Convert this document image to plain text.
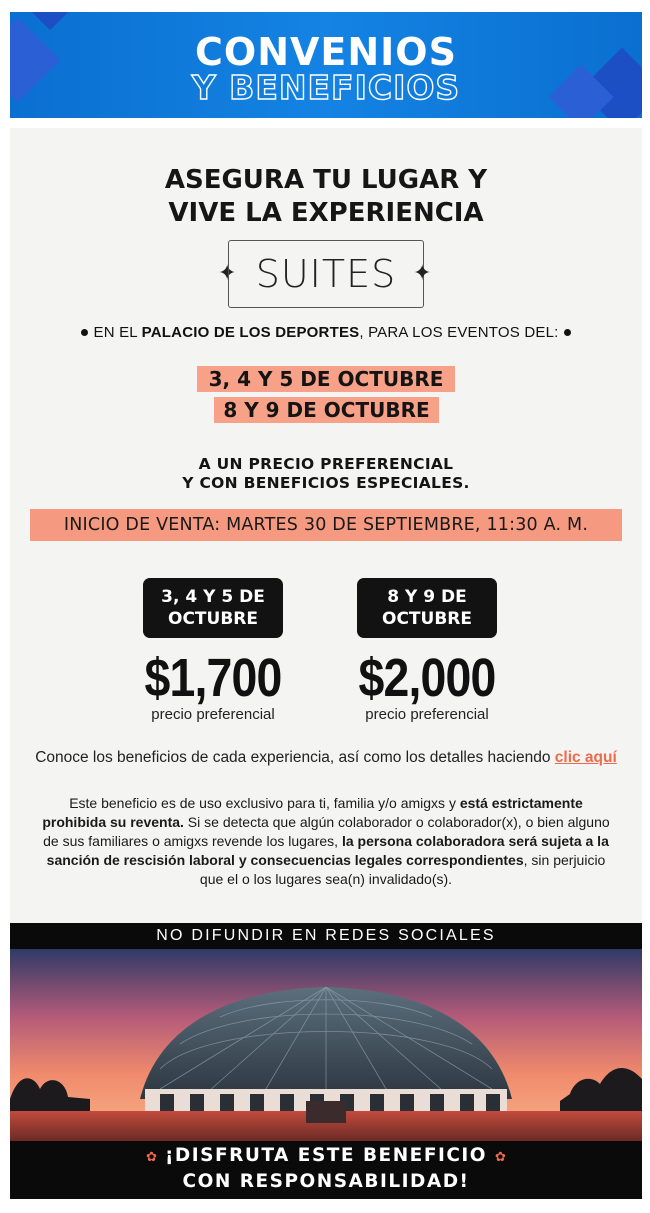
CONVENIOS
Y BENEFICIOS
ASEGURA TU LUGAR Y
VIVE LA EXPERIENCIA
✦ SUITES ✦
EN EL PALACIO DE LOS DEPORTES, PARA LOS EVENTOS DEL:
3, 4 Y 5 DE OCTUBRE
8 Y 9 DE OCTUBRE
A UN PRECIO PREFERENCIAL
Y CON BENEFICIOS ESPECIALES.
INICIO DE VENTA: MARTES 30 DE SEPTIEMBRE, 11:30 A. M.
3, 4 Y 5 DE
OCTUBRE
$1,700
precio preferencial
8 Y 9 DE
OCTUBRE
$2,000
precio preferencial
Conoce los beneficios de cada experiencia, así como los detalles haciendo clic aquí
Este beneficio es de uso exclusivo para ti, familia y/o amigxs y está estrictamente prohibida su reventa. Si se detecta que algún colaborador o colaborador(x), o bien alguno de sus familiares o amigxs revende los lugares, la persona colaboradora será sujeta a la sanción de rescisión laboral y consecuencias legales correspondientes, sin perjuicio que el o los lugares sea(n) invalidado(s).
NO DIFUNDIR EN REDES SOCIALES
✿ ¡DISFRUTA ESTE BENEFICIO ✿
CON RESPONSABILIDAD!
